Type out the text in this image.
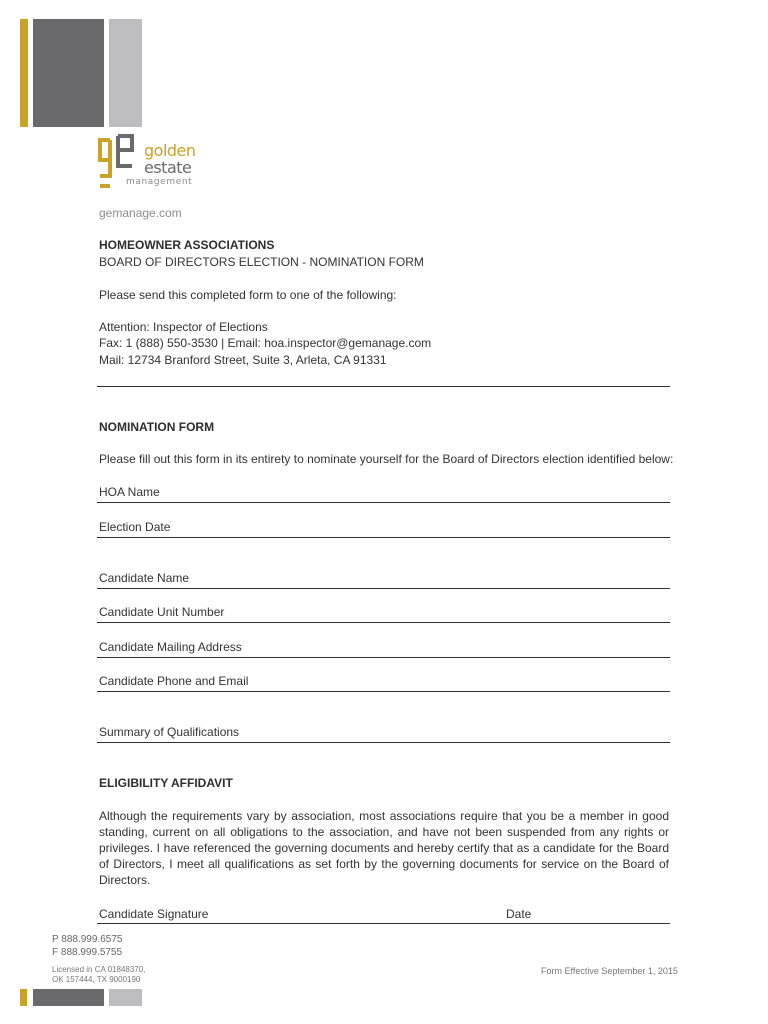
golden
estate
management
gemanage.com
HOMEOWNER ASSOCIATIONS
BOARD OF DIRECTORS ELECTION - NOMINATION FORM
Please send this completed form to one of the following:
Attention: Inspector of Elections
Fax: 1 (888) 550-3530 | Email: hoa.inspector@gemanage.com
Mail: 12734 Branford Street, Suite 3, Arleta, CA 91331
NOMINATION FORM
Please fill out this form in its entirety to nominate yourself for the Board of Directors election identified below:
HOA Name
Election Date
Candidate Name
Candidate Unit Number
Candidate Mailing Address
Candidate Phone and Email
Summary of Qualifications
ELIGIBILITY AFFIDAVIT
Although the requirements vary by association, most associations require that you be a member in good standing, current on all obligations to the association, and have not been suspended from any rights or privileges. I have referenced the governing documents and hereby certify that as a candidate for the Board of Directors, I meet all qualifications as set forth by the governing documents for service on the Board of Directors.
Candidate Signature	Date
P 888.999.6575
F 888.999.5755
Licensed in CA 01848370,
OK 157444, TX 9000190
Form Effective September 1, 2015
